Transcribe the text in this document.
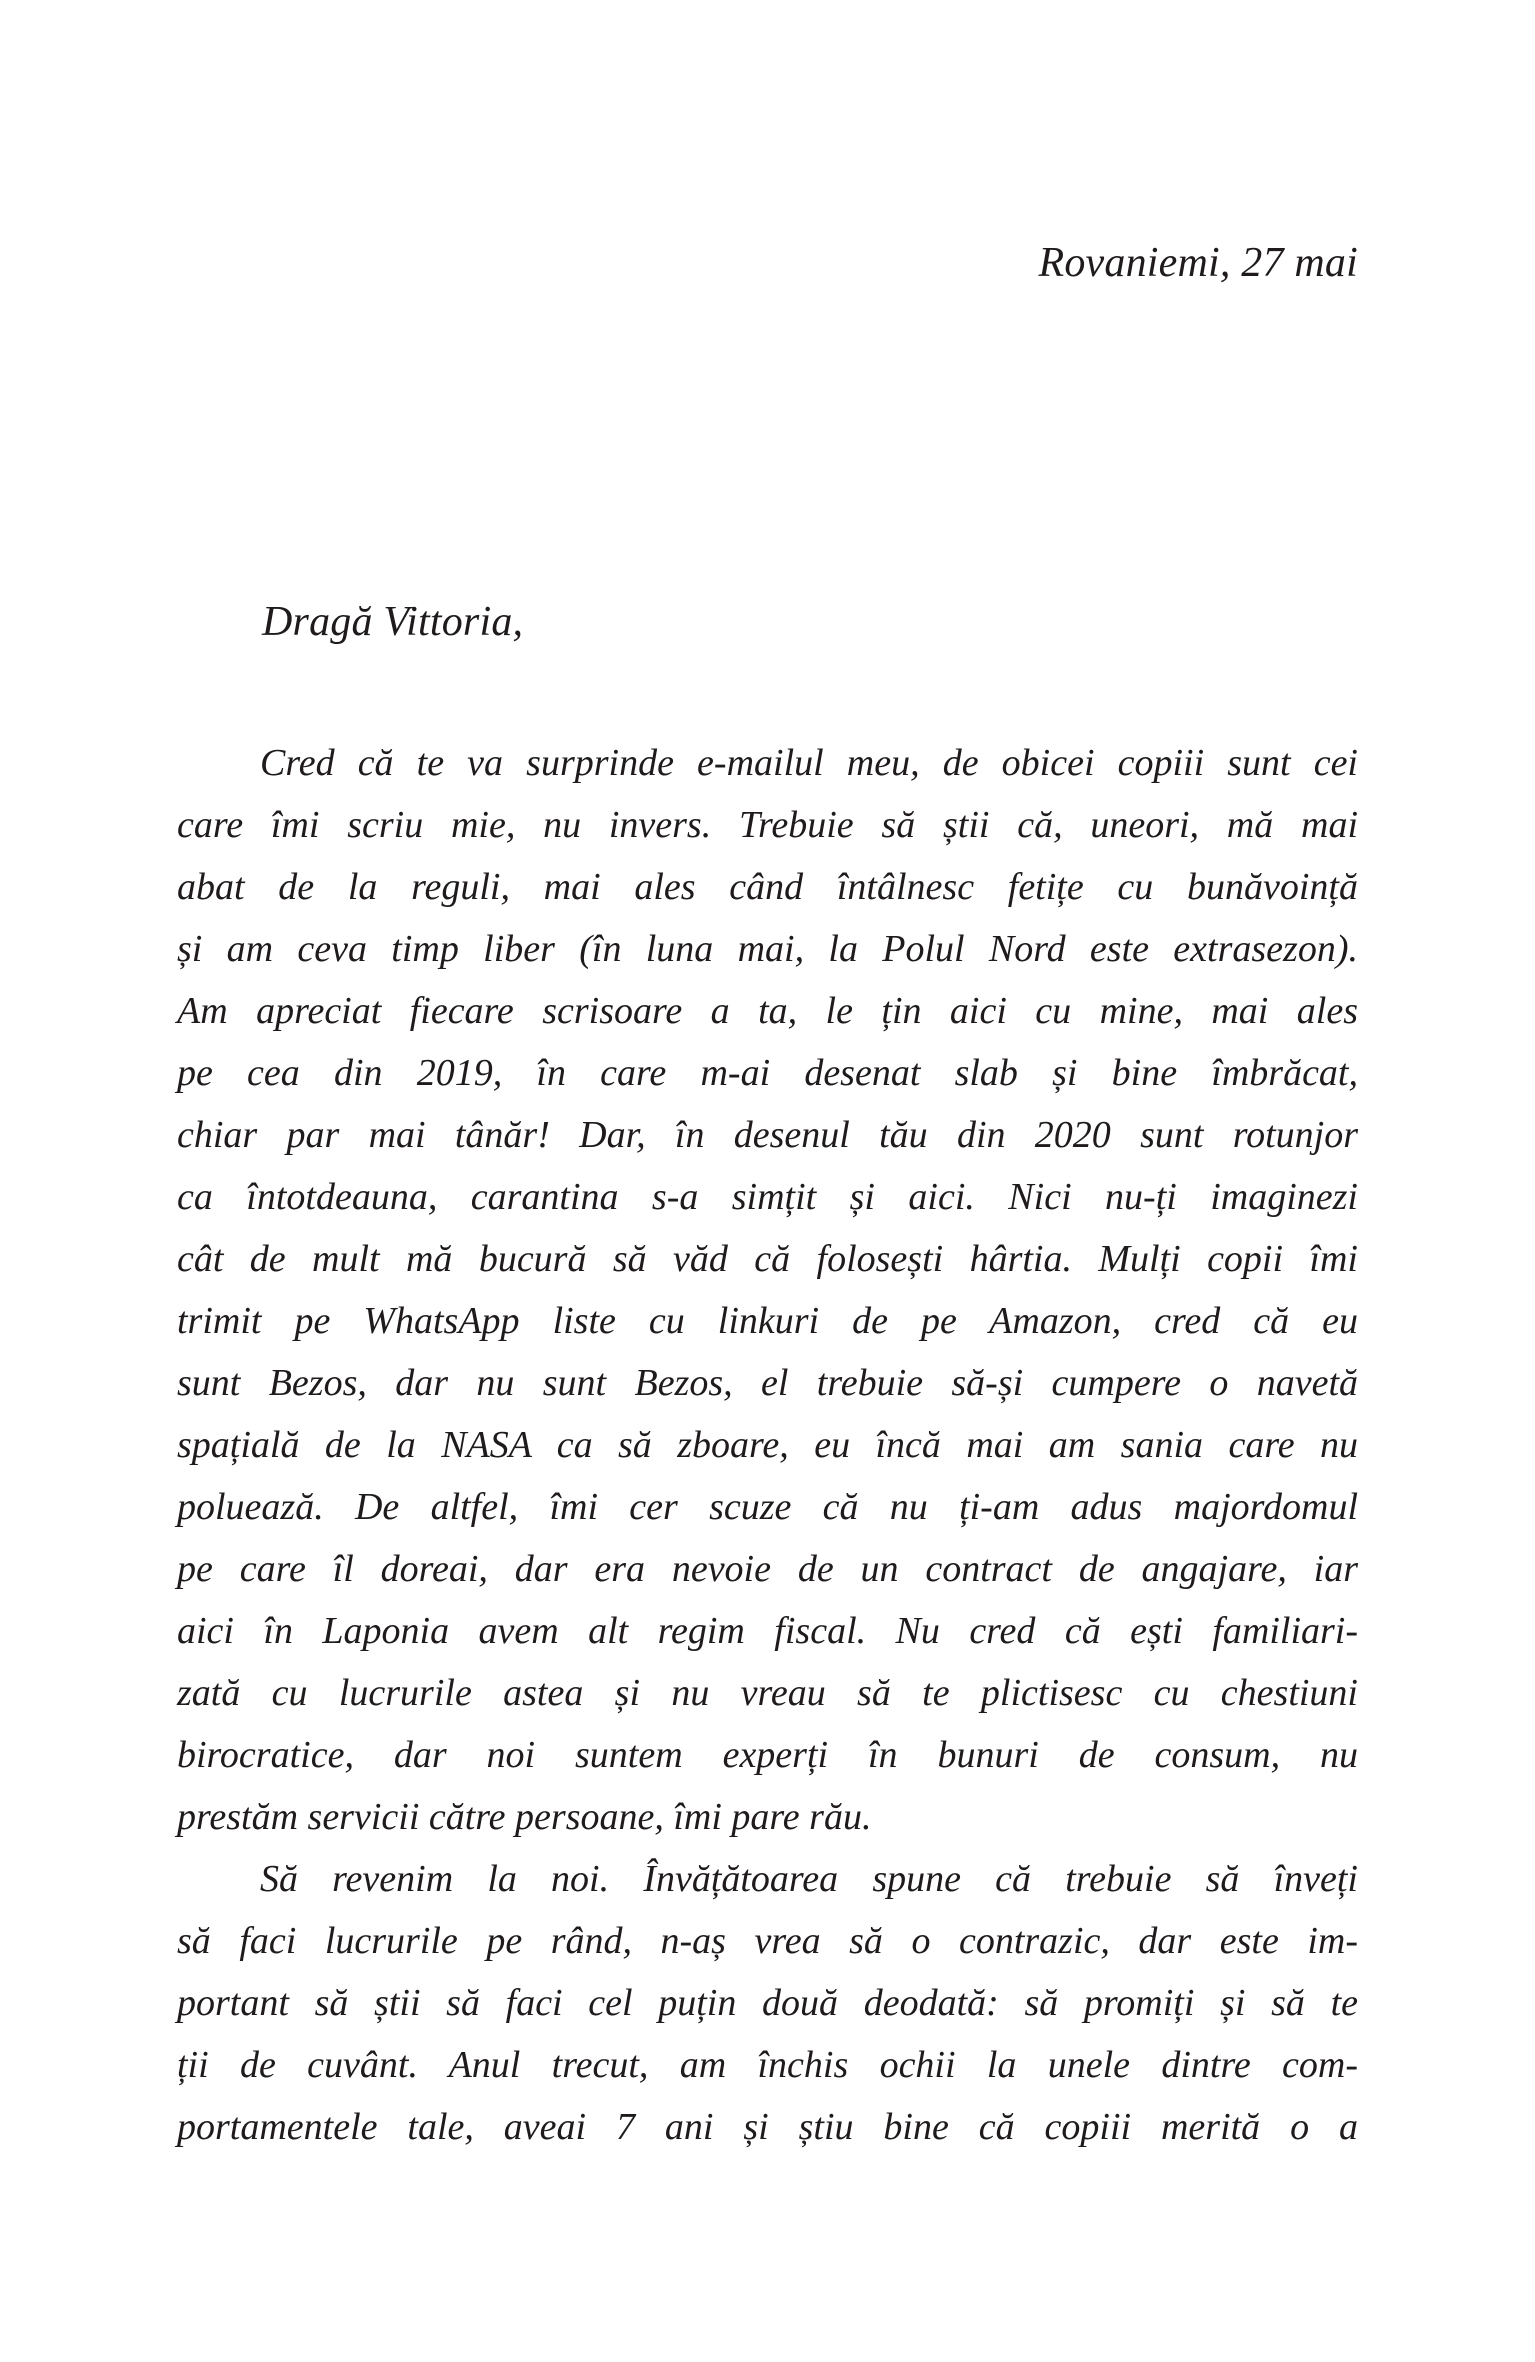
Rovaniemi, 27 mai
Dragă Vittoria,
Cred că te va surprinde e-mailul meu, de obicei copiii sunt cei
care îmi scriu mie, nu invers. Trebuie să știi că, uneori, mă mai
abat de la reguli, mai ales când întâlnesc fetițe cu bunăvoință
și am ceva timp liber (în luna mai, la Polul Nord este extrasezon).
Am apreciat fiecare scrisoare a ta, le țin aici cu mine, mai ales
pe cea din 2019, în care m-ai desenat slab și bine îmbrăcat,
chiar par mai tânăr! Dar, în desenul tău din 2020 sunt rotunjor
ca întotdeauna, carantina s-a simțit și aici. Nici nu-ți imaginezi
cât de mult mă bucură să văd că folosești hârtia. Mulți copii îmi
trimit pe WhatsApp liste cu linkuri de pe Amazon, cred că eu
sunt Bezos, dar nu sunt Bezos, el trebuie să-și cumpere o navetă
spațială de la NASA ca să zboare, eu încă mai am sania care nu
poluează. De altfel, îmi cer scuze că nu ți-am adus majordomul
pe care îl doreai, dar era nevoie de un contract de angajare, iar
aici în Laponia avem alt regim fiscal. Nu cred că ești familiari-
zată cu lucrurile astea și nu vreau să te plictisesc cu chestiuni
birocratice, dar noi suntem experți în bunuri de consum, nu
prestăm servicii către persoane, îmi pare rău.
Să revenim la noi. Învățătoarea spune că trebuie să înveți
să faci lucrurile pe rând, n-aș vrea să o contrazic, dar este im-
portant să știi să faci cel puțin două deodată: să promiți și să te
ții de cuvânt. Anul trecut, am închis ochii la unele dintre com-
portamentele tale, aveai 7 ani și știu bine că copiii merită o a
